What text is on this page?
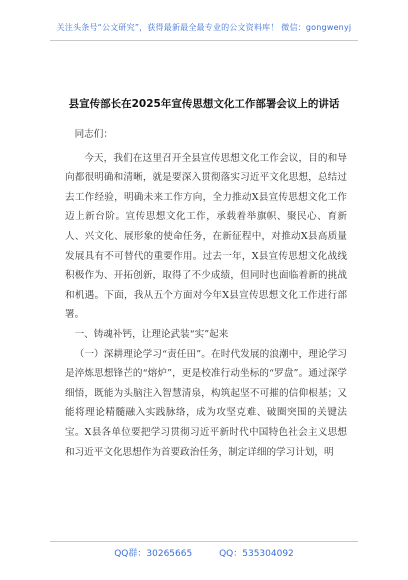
关注头条号“公文研究”，获得最新最全最专业的公文资料库！ 微信：gongwenyj
县宣传部长在2025年宣传思想文化工作部署会议上的讲话

同志们：

今天，我们在这里召开全县宣传思想文化工作会议，目的和导向都很明确和清晰，就是要深入贯彻落实习近平文化思想，总结过去工作经验，明确未来工作方向，全力推动X县宣传思想文化工作迈上新台阶。宣传思想文化工作，承载着举旗帜、聚民心、育新人、兴文化、展形象的使命任务，在新征程中，对推动X县高质量发展具有不可替代的重要作用。过去一年，X县宣传思想文化战线积极作为、开拓创新，取得了不少成绩，但同时也面临着新的挑战和机遇。下面，我从五个方面对今年X县宣传思想文化工作进行部署。

一、铸魂补钙，让理论武装“实”起来

（一）深耕理论学习“责任田”。在时代发展的浪潮中，理论学习是淬炼思想锋芒的“熔炉”，更是校准行动坐标的“罗盘”。通过深学细悟，既能为头脑注入智慧清泉，构筑起坚不可摧的信仰根基；又能将理论精髓融入实践脉络，成为攻坚克难、破圈突围的关键法宝。X县各单位要把学习贯彻习近平新时代中国特色社会主义思想和习近平文化思想作为首要政治任务，制定详细的学习计划，明

QQ群：30265665	QQ：535304092
